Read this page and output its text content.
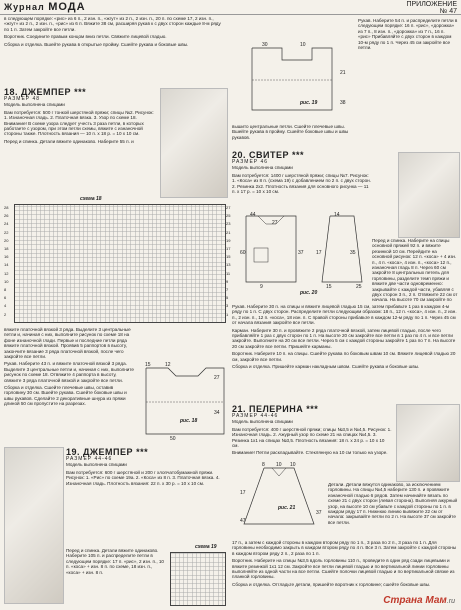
Журнал МОДА	ПРИЛОЖЕНИЕ
№ 47

в следующем порядке: «рис» из 6 п., 2 изн. п., «жгут» из 2 п., 2 изн. п., 20 п. по схеме 17, 2 изн. п., «жгут» из 2 п., 2 изн. п., «рис» из 6 п. Вяжите 38 см, расширяя рукав к с двух сторон каждые 8-м ряду по 1 п. Затем закройте все петли.

Воротник. Соедините правым концом вниз петли. Свяжите лицевой гладью.

Сборка и отделка. Вшейте рукава в открытые пройму. Сшейте рукава и боковые швы.

18. ДЖЕМПЕР ***
РАЗМЕР 48

Модель выполнена спицами

Вам потребуется: 500 г тонкой шерстяной пряжи; спицы №2. Рисунок: 1. Изнаночная гладь. 2. Платочная вязка. 3. Узор по схеме 18. Внимание! В схеме узора следует учесть 3 раза петли, в которых работаете с узором, при этом петли схемы, вяжите с изнаночной стороны также. Плотность вязания — 10 п. х 18 р. = 10 х 10 см.

Перед и спинка. Детали вяжите одинаково. Наберите 55 п. и

схема 18
27
25
23
21
19
17
15
13
11
9
7
5
3
1
28
26
24
22
20
18
16
14
12
10
8
6
4
2

вяжите платочной вязкой 3 ряда. Выделите 3 центральные петли и, начиная с них, выполните рисунок по схеме 18 на фоне изнаночной глади. Первые и последние петли ряда вяжите платочной вязкой. Проявив 5 раппортов в высоту, закончите вязание 3 ряда платочной вязкой, после чего закройте все петли.

Рукав. Наберите 43 п. и вяжите платочной вязкой 3 ряда. Выделите 3 центральные петли и, начиная с них, выполните рисунок по схеме 18. Отвяжите 4 раппорта в высоту, свяжите 3 ряда платочной вязкой и закройте все петли.

Сборка и отделка. Сшейте плечевые швы, оставив горловину 30 см. Вшейте рукава. Сшейте боковые швы и швы рукавов. Сделайте 2 декоративные шнура из пряжи длиной 50 см пропустите на разрезах.

15	12
27
34
50
рис. 18
19. ДЖЕМПЕР ***
РАЗМЕР 44-46

Модель выполнена спицами

Вам потребуется: 600 г шерстяной и 200 г хлопчатобумажной пряжи. Рисунок: 1. «Рис» по схеме 19а. 2. «Коса» из 8 п. 3. Платочная вязка. 4. Изнаночная гладь. Плотность вязания: 22 п. х 30 р. = 10 х 10 см.

Перед и спинка. Детали вяжите одинаково. Наберите 105 п. и распределите петли в следующем порядке: 17 п. «рис», 2 изн. п., 10 п. «коса» + изн. 8 п. по схеме, 18 изн. п., «коса» + изн. 8 п.

схема 19
30	10
21
38
рис. 19

вышито центральные петли. Сшейте плечевые швы. Вшейте рукава в пройму. Сшейте боковые швы и швы рукавов.

Рукав. Наберите 54 п. и распределите петли в следующем порядке: 16 п. «рис», «дорожка» из 7 п., 8 изн. п., «дорожка» из 7 п., 16 п. «рис» Прибавляйте с двух сторон в каждом 10-м ряду по 1 п. Через 45 см закройте все петли.

20. СВИТЕР ***
РАЗМЕР 46

Модель выполнена спицами

Вам потребуется: 1400 г шерстяной пряжи; спицы №7. Рисунок: 1. «Коса» из 8 п. (схема 19) с добавлением по 2 п. с двух сторон. 2. Резинка 2х2. Плотность вязания для основного рисунка — 11 п. х 17 р. = 10 х 10 см.

44
27
60
9
37
14
17	35
15	25
рис. 20

Перед и спинка. Наберите на спицы основной пряжей 92 п. и вяжите резинкой 10 см. Перейдите на основной рисунок: 12 п. «коса» + 4 изн. п., 4 п. «коса», 4 изн. п., «коса» 12 п., изнаночная гладь 8 п. Через 60 см закройте 8 центральных петель для горловины, разделите темп пряжи и вяжите две части одновременно: закрывайте с каждой части, убавляя с двух сторон 3 п., 2 п. Отвяжите 22 см от начала. На высоте 70 см закройте по

Рукав. Наберите 30 п. на спицы и вяжите лицевой гладью 15 см, затем прибавьте 1 раз в каждом 4-м ряду по 1 п. С двух сторон. Распределите петли следующим образом: 18 п., 12 п. «коса», 4 изн. п., 2 изн. п., 2 изн. п., 12 п. «коса», 18 изн. п. С правой стороны прибавьте в каждом 12-м ряду по 1 п. Через 45 см от начала вязания закройте все петли.

Карман. Наберите 30 п. и провяжите 2 ряда платочной вязкой, затем лицевой гладью, после чего прибавляйте 1 раз с двух сторон по 1 п. На высоте 20 см закройте все петли в 1 раз по 4 п. и все петли закройте. Выполните на 20 см все петли. Через 5 см с каждой стороны закройте 1 раз по 7 п. На высоте 20 см закройте все петли. Пришейте карманы.

Воротник. Наберите 10 п. на спицы. Сшейте рукава по боковым швам 10 см. Вяжите лицевой гладью 20 см, закройте все петли.

Сборка и отделка. Пришейте карман накладным швом. Сшейте рукава и боковые швы.

21. ПЕЛЕРИНА ***
РАЗМЕР 44-46

Модель выполнена спицами

Вам потребуется: 400 г шерстяной пряжи; спицы №3,5 и №4,5. Рисунок: 1. Изнаночная гладь. 2. Ажурный узор по схеме 21 на спицах №4,5. 3. Резинка 1х1 на спицах №3,5. Плотность вязания: 18 п. х 24 р. = 10 х 10 см.

Внимание! Петли раскладывайте. Стеклянную на 10 см только на узоре.

8 10 10
17
37
47
рис. 21

Детали. Детали вяжутся одинаково, за исключением горловины. На спицы №4,5 наберите 130 п. и провяжите изнаночной гладью 6 рядов. Затем начинайте вязать по схеме 21 с двух сторон (левая сторона). Выполняя ажурный узор, на высоте 10 см убавьте с каждой стороны по 1 п. в каждом ряду 17 п. Нижнюю линию вывяжите 22 см от начала: закрывайте петли по 2 п. На высоте 37 см закройте все петли.

17 п., а затем с каждой стороны в каждом втором ряду по 1 п., 3 разa по 2 п., 3 раза по 1 п. Для горловины необходимо закрыть в каждом втором ряду по 4 п. Все 3 п. Затем закройте с каждой стороны в каждом втором ряду 2 п., 2 раза по 1 п.

Воротник. Наберите на спицы №3,5 вдоль горловины 110 п., проведите в один ряд сзади лицевыми и вяжите резинкой 1х1 12 см. Закройте все петли лицевой гладью и по вертикальной линии горловины выполняйте из одной части на все петли. Сшейте полочки лицевой гладью и по вертикальной связке из планкой горловины.

Сборка и отделка. Отгладьте детали, пришейте воротник к горловине; сшейте боковые швы.

Страна Мам.ru
